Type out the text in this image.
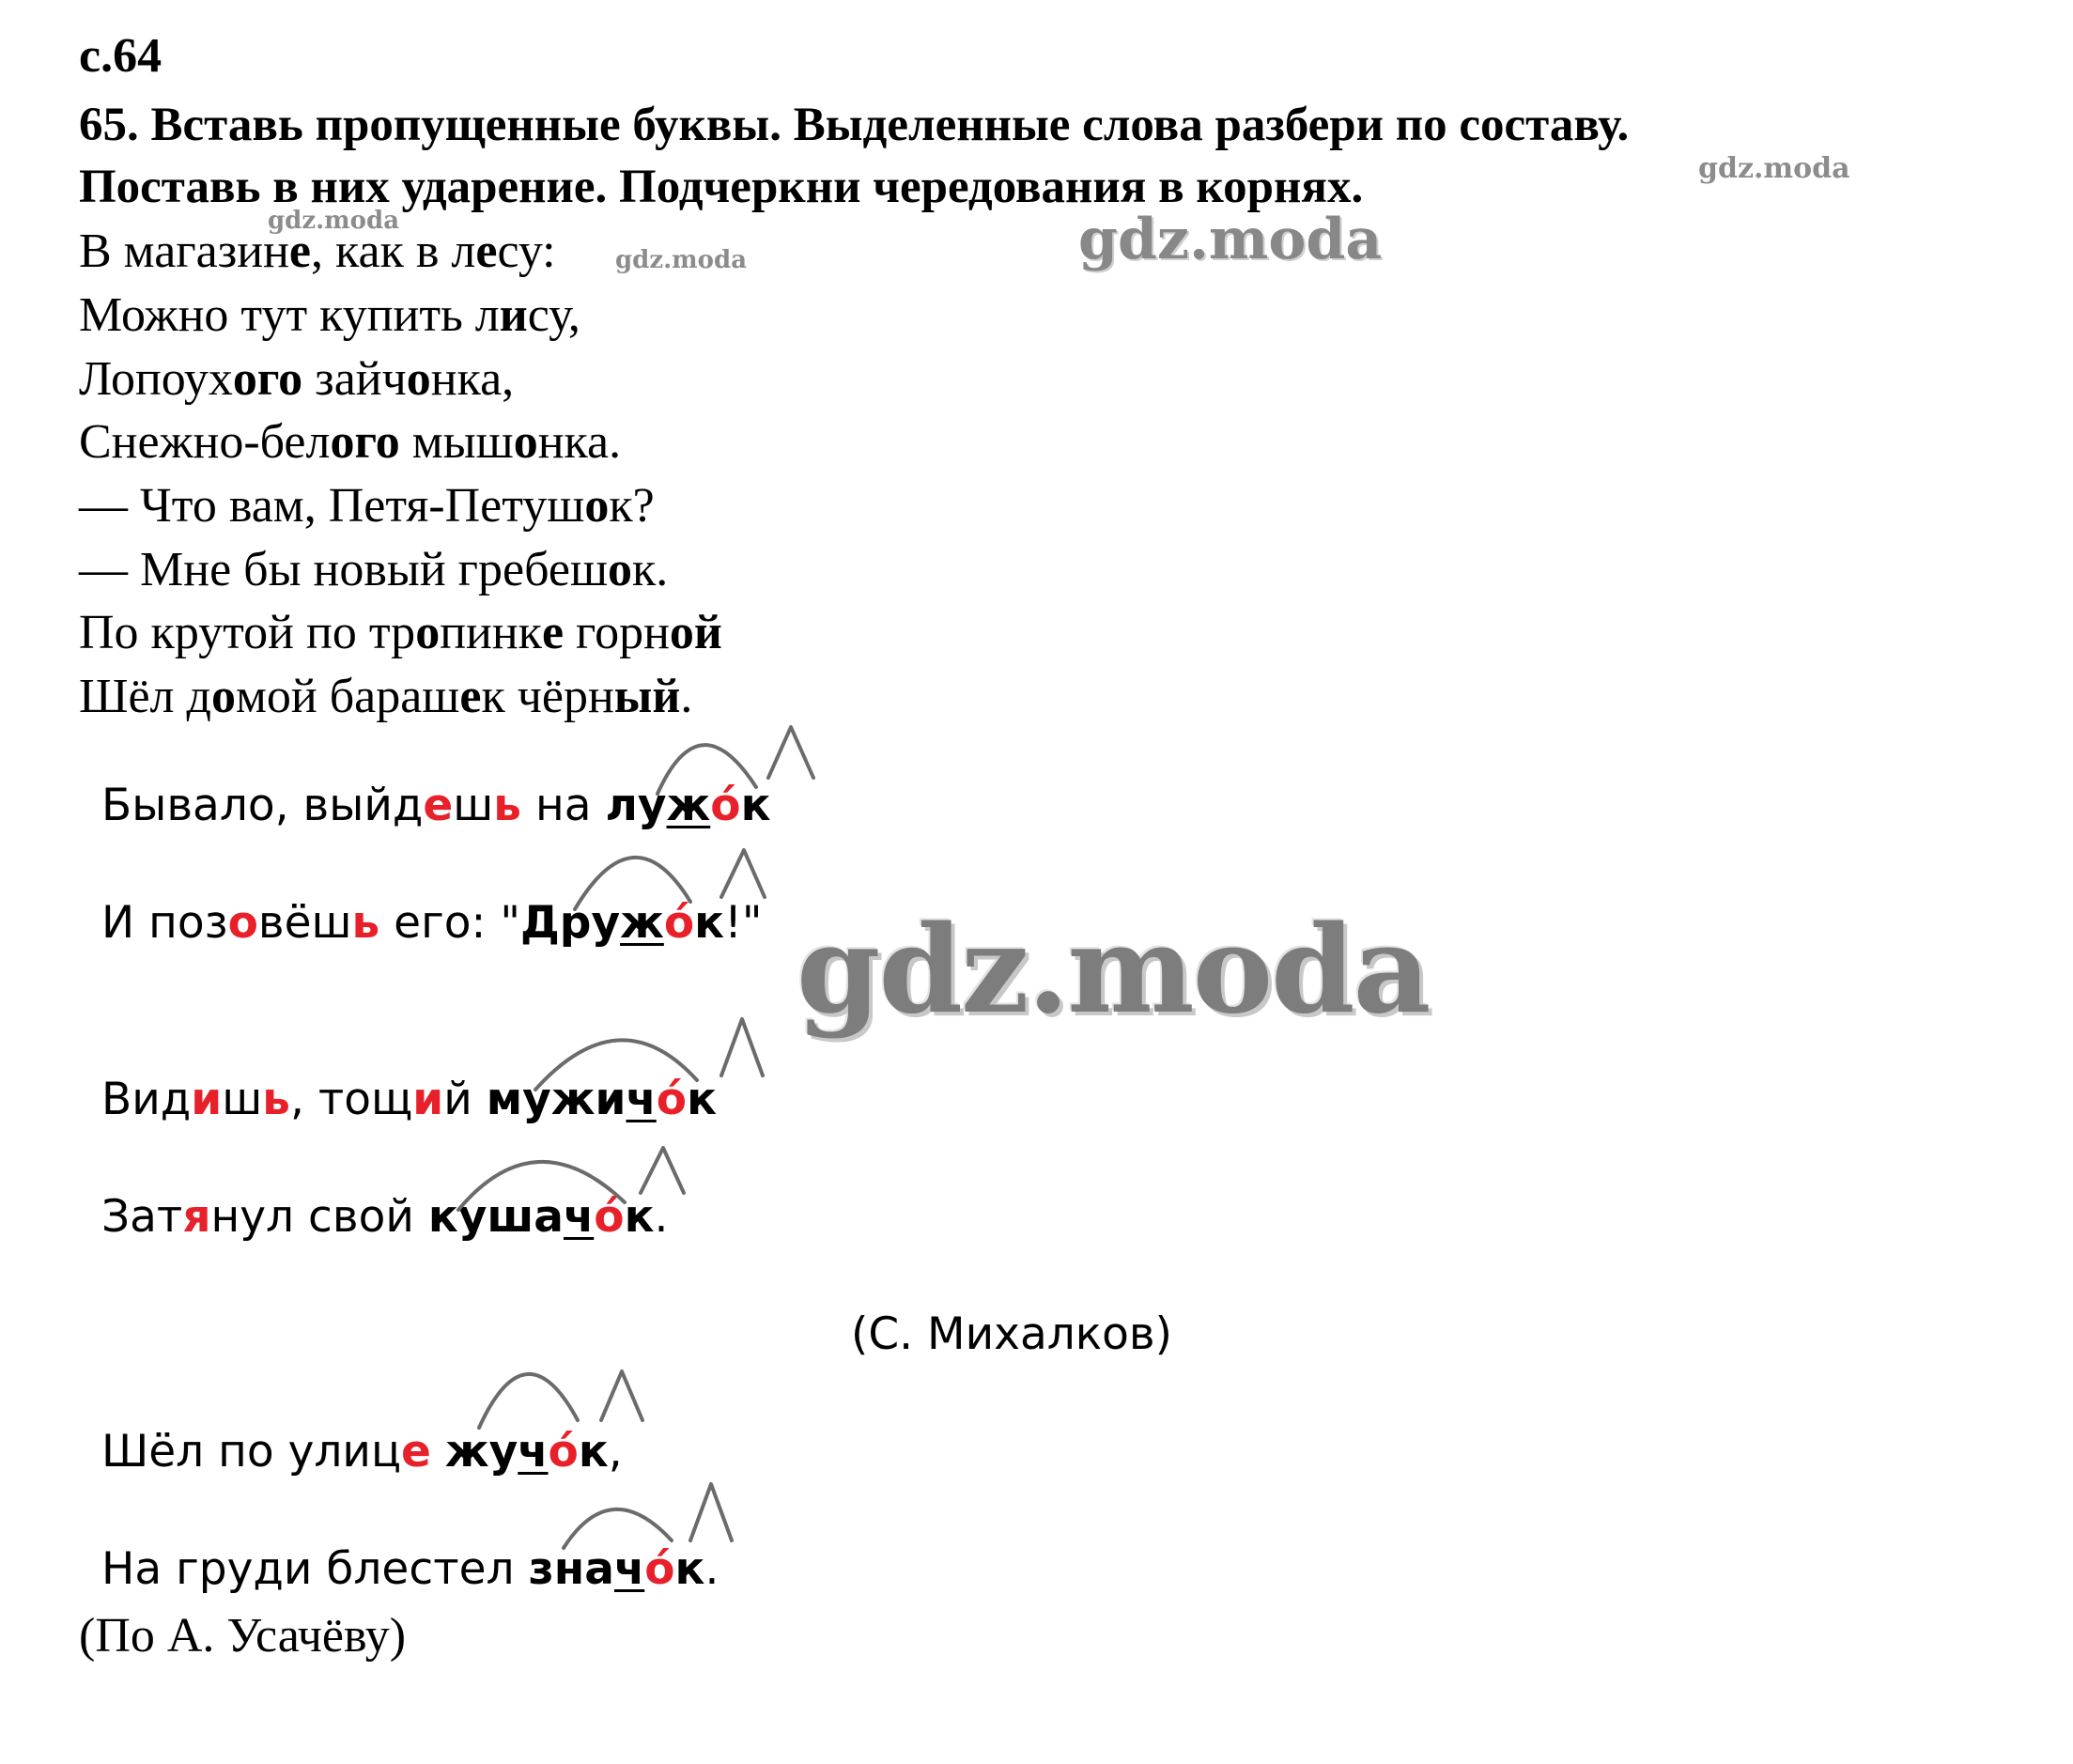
с.64
65. Вставь пропущенные буквы. Выделенные слова разбери по составу.
Поставь в них ударение. Подчеркни чередования в корнях.
В магазине, как в лесу:
Можно тут купить лису,
Лопоухого зайчонка,
Снежно-белого мышонка.
— Что вам, Петя-Петушок?
— Мне бы новый гребешок.
По крутой по тропинке горной
Шёл домой барашек чёрный.
Бывало, выйдешь на лужóк
И позовёшь его: "Дружóк!"
Видишь, тощий мужичóк
Затянул свой кушачóк.
(С. Михалков)
Шёл по улице жучóк,
На груди блестел значóк.
(По А. Усачёву)
gdz.moda
gdz.moda
gdz.moda	gdz.moda
gdz.moda
